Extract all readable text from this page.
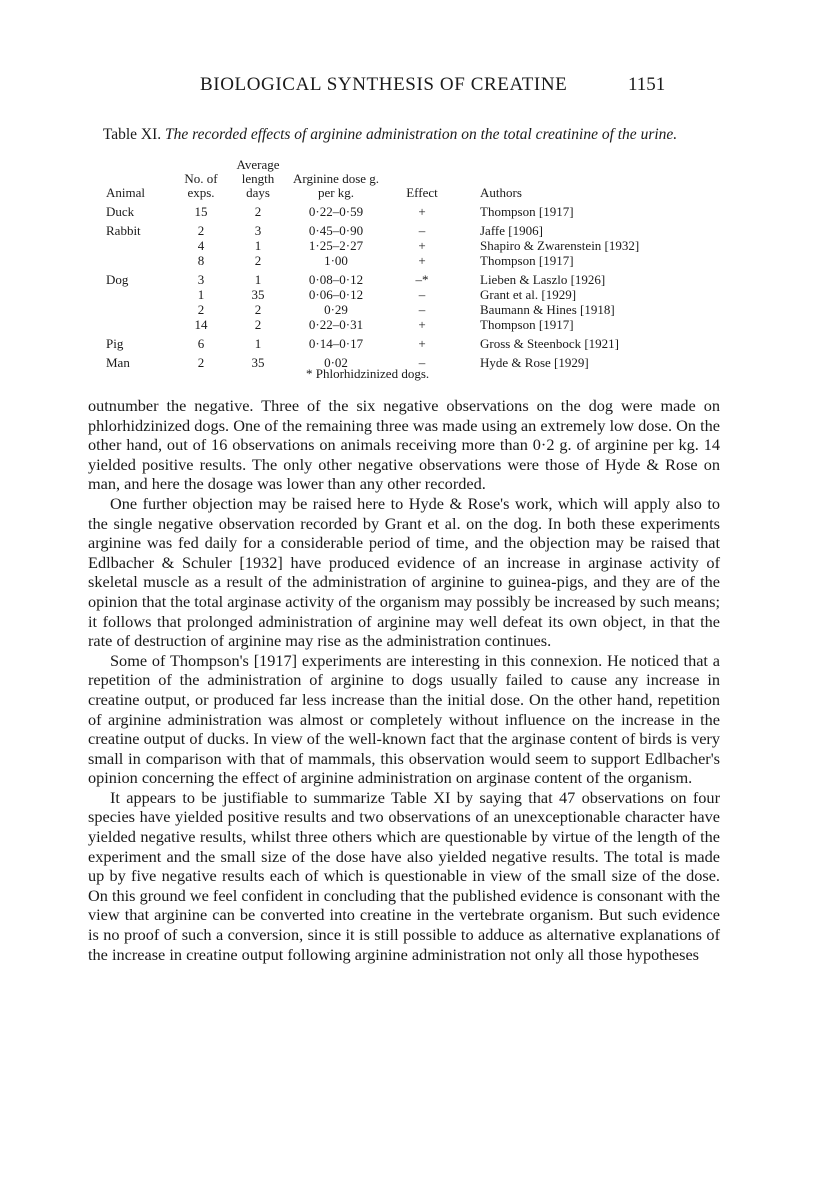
BIOLOGICAL SYNTHESIS OF CREATINE	1151
Table XI. The recorded effects of arginine administration on the total creatinine of the urine.
Animal	No. of exps.	Average length days	Arginine dose g. per kg.	Effect	Authors
Duck	15	2	0·22–0·59	+	Thompson [1917]
Rabbit	2	3	0·45–0·90	–	Jaffe [1906]
	4	1	1·25–2·27	+	Shapiro & Zwarenstein [1932]
	8	2	1·00	+	Thompson [1917]
Dog	3	1	0·08–0·12	–*	Lieben & Laszlo [1926]
	1	35	0·06–0·12	–	Grant et al. [1929]
	2	2	0·29	–	Baumann & Hines [1918]
	14	2	0·22–0·31	+	Thompson [1917]
Pig	6	1	0·14–0·17	+	Gross & Steenbock [1921]
Man	2	35	0·02	–	Hyde & Rose [1929]
* Phlorhidzinized dogs.

outnumber the negative. Three of the six negative observations on the dog were made on phlorhidzinized dogs. One of the remaining three was made using an extremely low dose. On the other hand, out of 16 observations on animals receiving more than 0·2 g. of arginine per kg. 14 yielded positive results. The only other negative observations were those of Hyde & Rose on man, and here the dosage was lower than any other recorded.

One further objection may be raised here to Hyde & Rose's work, which will apply also to the single negative observation recorded by Grant et al. on the dog. In both these experiments arginine was fed daily for a considerable period of time, and the objection may be raised that Edlbacher & Schuler [1932] have produced evidence of an increase in arginase activity of skeletal muscle as a result of the administration of arginine to guinea-pigs, and they are of the opinion that the total arginase activity of the organism may possibly be increased by such means; it follows that prolonged administration of arginine may well defeat its own object, in that the rate of destruction of arginine may rise as the administration continues.

Some of Thompson's [1917] experiments are interesting in this connexion. He noticed that a repetition of the administration of arginine to dogs usually failed to cause any increase in creatine output, or produced far less increase than the initial dose. On the other hand, repetition of arginine administration was almost or completely without influence on the increase in the creatine output of ducks. In view of the well-known fact that the arginase content of birds is very small in comparison with that of mammals, this observation would seem to support Edlbacher's opinion concerning the effect of arginine administration on arginase content of the organism.

It appears to be justifiable to summarize Table XI by saying that 47 observations on four species have yielded positive results and two observations of an unexceptionable character have yielded negative results, whilst three others which are questionable by virtue of the length of the experiment and the small size of the dose have also yielded negative results. The total is made up by five negative results each of which is questionable in view of the small size of the dose. On this ground we feel confident in concluding that the published evidence is consonant with the view that arginine can be converted into creatine in the vertebrate organism. But such evidence is no proof of such a conversion, since it is still possible to adduce as alternative explanations of the increase in creatine output following arginine administration not only all those hypotheses
